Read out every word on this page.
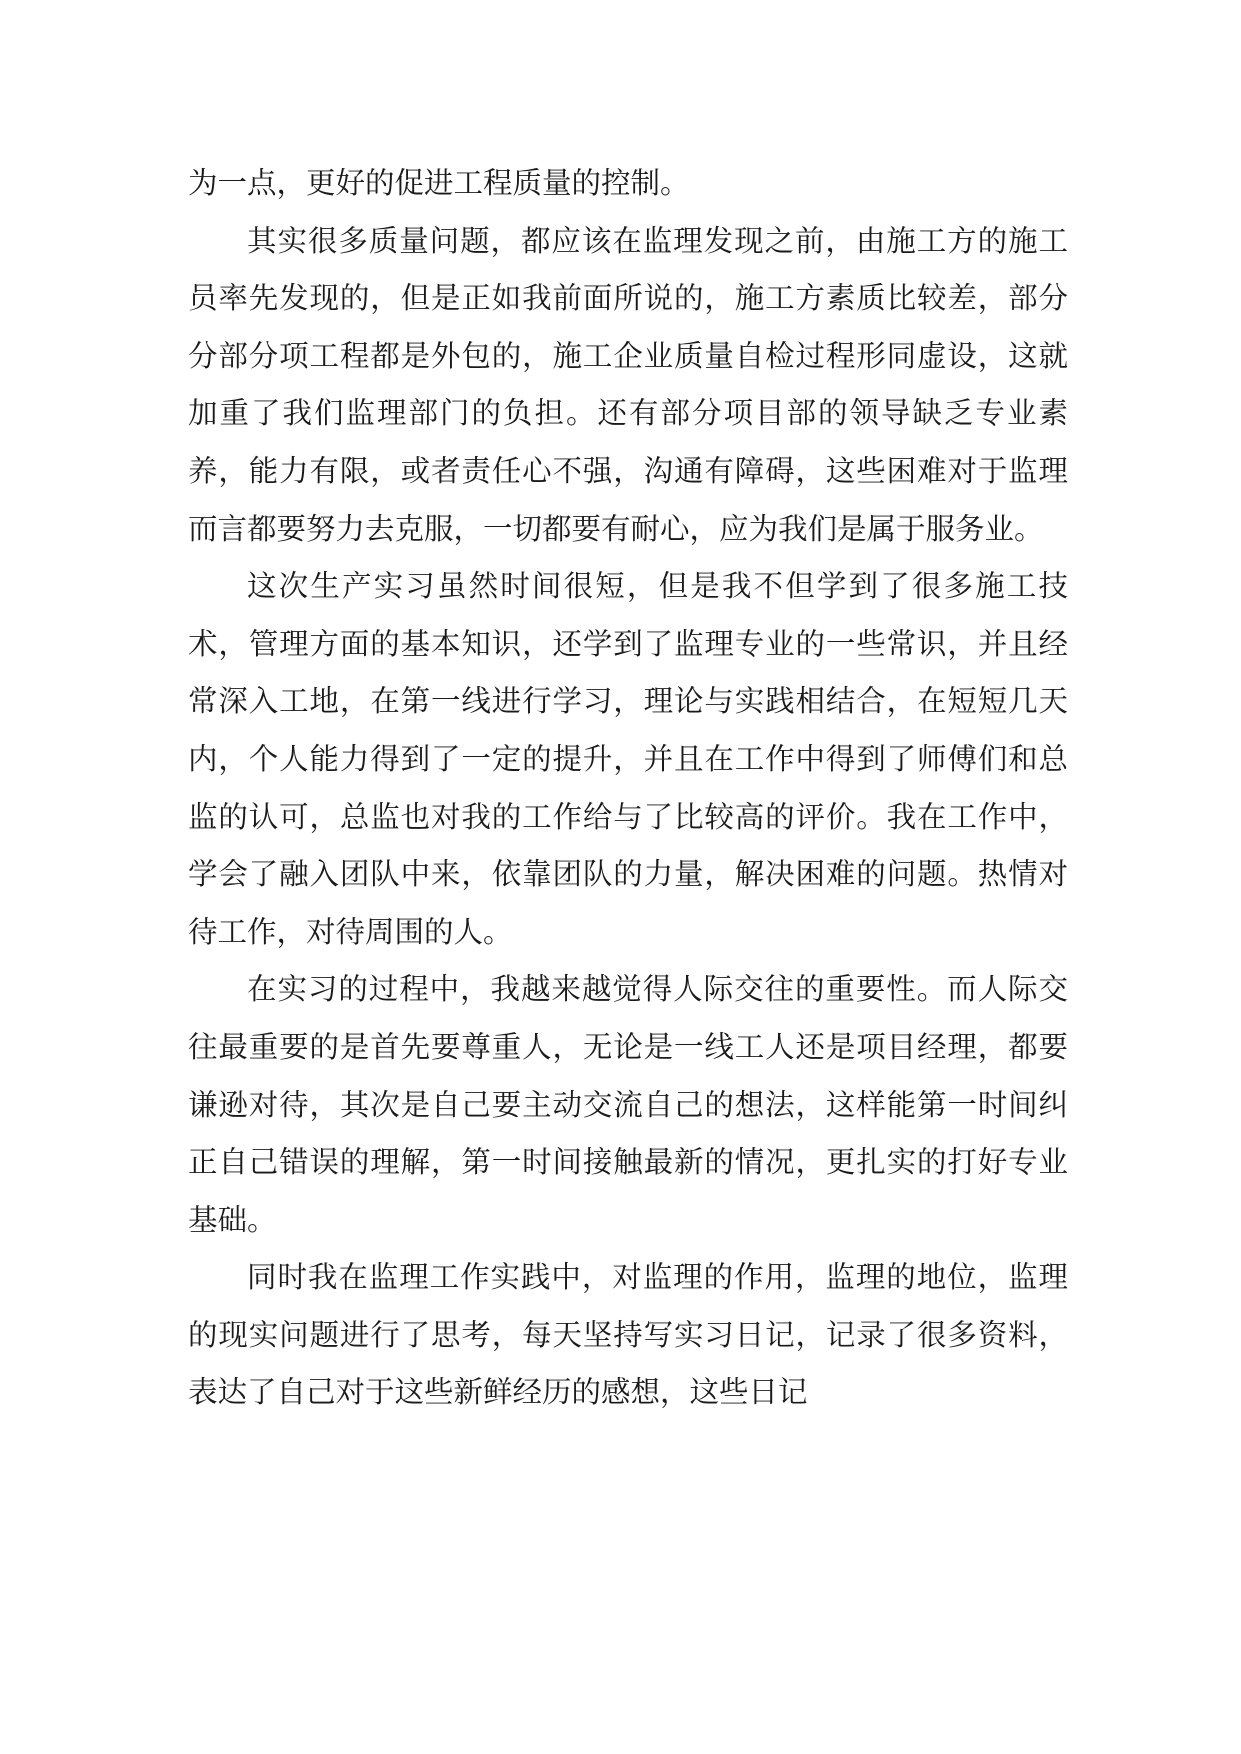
为一点，更好的促进工程质量的控制。

其实很多质量问题，都应该在监理发现之前，由施工方的施工员率先发现的，但是正如我前面所说的，施工方素质比较差，部分分部分项工程都是外包的，施工企业质量自检过程形同虚设，这就加重了我们监理部门的负担。还有部分项目部的领导缺乏专业素养，能力有限，或者责任心不强，沟通有障碍，这些困难对于监理而言都要努力去克服，一切都要有耐心，应为我们是属于服务业。

这次生产实习虽然时间很短，但是我不但学到了很多施工技术，管理方面的基本知识，还学到了监理专业的一些常识，并且经常深入工地，在第一线进行学习，理论与实践相结合，在短短几天内，个人能力得到了一定的提升，并且在工作中得到了师傅们和总监的认可，总监也对我的工作给与了比较高的评价。我在工作中，学会了融入团队中来，依靠团队的力量，解决困难的问题。热情对待工作，对待周围的人。

在实习的过程中，我越来越觉得人际交往的重要性。而人际交往最重要的是首先要尊重人，无论是一线工人还是项目经理，都要谦逊对待，其次是自己要主动交流自己的想法，这样能第一时间纠正自己错误的理解，第一时间接触最新的情况，更扎实的打好专业基础。

同时我在监理工作实践中，对监理的作用，监理的地位，监理的现实问题进行了思考，每天坚持写实习日记，记录了很多资料，表达了自己对于这些新鲜经历的感想，这些日记
